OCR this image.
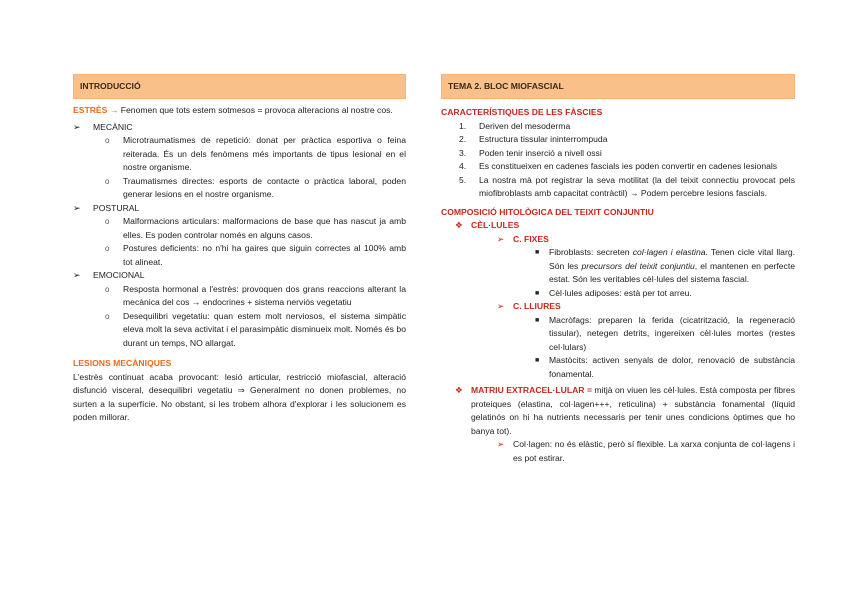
INTRODUCCIÓ
ESTRÈS → Fenomen que tots estem sotmesos = provoca alteracions al nostre cos.
➢	MECÀNIC
o	Microtraumatismes de repetició: donat per pràctica esportiva o feina reiterada. És un dels fenòmens més importants de tipus lesional en el nostre organisme.
o	Traumatismes directes: esports de contacte o pràctica laboral, poden generar lesions en el nostre organisme.
➢	POSTURAL
o	Malformacions articulars: malformacions de base que has nascut ja amb elles. Es poden controlar només en alguns casos.
o	Postures deficients: no n'hi ha gaires que siguin correctes al 100% amb tot alineat.
➢	EMOCIONAL
o	Resposta hormonal a l'estrès: provoquen dos grans reaccions alterant la mecànica del cos → endocrines + sistema nerviós vegetatiu
o	Desequilibri vegetatiu: quan estem molt nerviosos, el sistema simpàtic eleva molt la seva activitat i el parasimpàtic disminueix molt. Només és bo durant un temps, NO allargat.
LESIONS MECÀNIQUES
L'estrès continuat acaba provocant: lesió articular, restricció miofascial, alteració disfunció visceral, desequilibri vegetatiu ⇒ Generalment no donen problemes, no surten a la superfície. No obstant, si les trobem alhora d'explorar i les solucionem es poden millorar.
TEMA 2. BLOC MIOFASCIAL
CARACTERÍSTIQUES DE LES FÀSCIES
1.	Deriven del mesoderma
2.	Estructura tissular ininterrompuda
3.	Poden tenir inserció a nivell ossi
4.	Es constitueixen en cadenes fascials ies poden convertir en cadenes lesionals
5.	La nostra mà pot registrar la seva motilitat (la del teixit connectiu provocat pels miofibroblasts amb capacitat contràctil) → Podem percebre lesions fascials.
COMPOSICIÓ HITOLÒGICA DEL TEIXIT CONJUNTIU
❖ CÈL·LULES
➢	C. FIXES
■	Fibroblasts: secreten col·lagen i elastina. Tenen cicle vital llarg. Són les precursors del teixit conjuntiu, el mantenen en perfecte estat. Són les veritables cèl·lules del sistema fascial.
■	Cèl·lules adiposes: està per tot arreu.
➢	C. LLIURES
■	Macròfags: preparen la ferida (cicatrització, la regeneració tissular), netegen detrits, ingereixen cèl·lules mortes (restes cel·lulars)
■	Mastòcits: activen senyals de dolor, renovació de substància fonamental.
❖ MATRIU EXTRACEL·LULAR = mitjà on viuen les cèl·lules. Està composta per fibres proteiques (elastina, col·lagen+++, reticulina) + substància fonamental (líquid gelatinós on hi ha nutrients necessaris per tenir unes condicions òptimes que ho banya tot).
➢	Col·lagen: no és elàstic, però sí flexible. La xarxa conjunta de col·lagens i es pot estirar.
